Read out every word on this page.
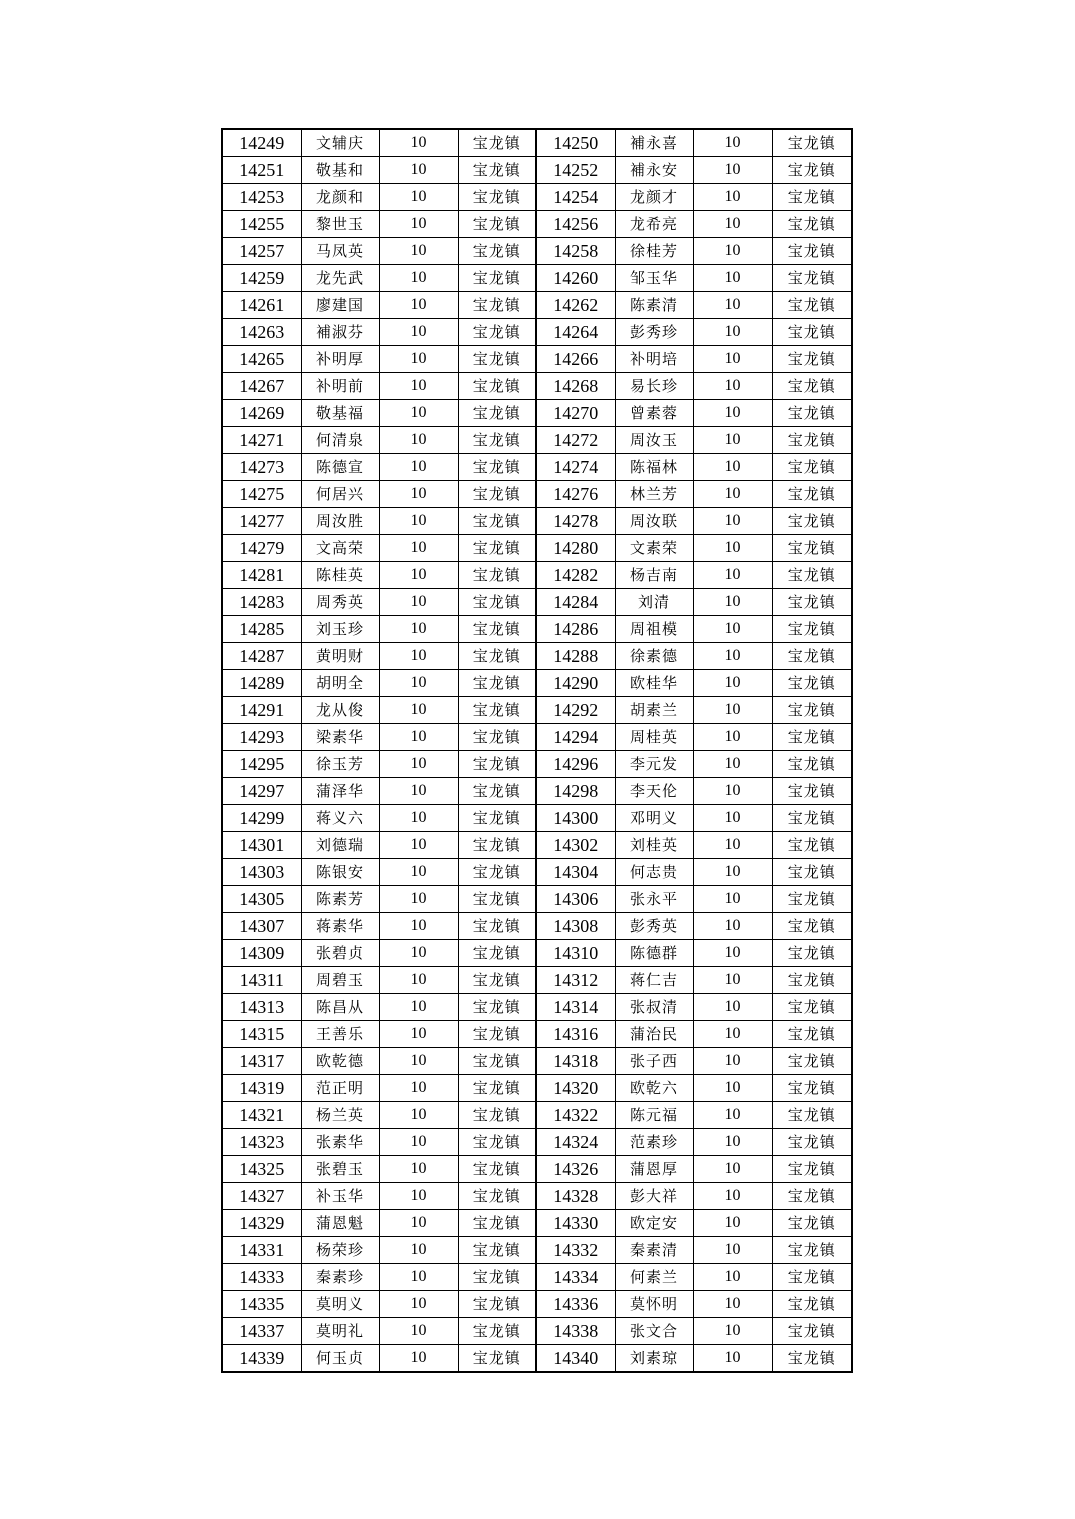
14249	文辅庆	10	宝龙镇	14250	補永喜	10	宝龙镇
14251	敬基和	10	宝龙镇	14252	補永安	10	宝龙镇
14253	龙颜和	10	宝龙镇	14254	龙颜才	10	宝龙镇
14255	黎世玉	10	宝龙镇	14256	龙希亮	10	宝龙镇
14257	马凤英	10	宝龙镇	14258	徐桂芳	10	宝龙镇
14259	龙先武	10	宝龙镇	14260	邹玉华	10	宝龙镇
14261	廖建国	10	宝龙镇	14262	陈素清	10	宝龙镇
14263	補淑芬	10	宝龙镇	14264	彭秀珍	10	宝龙镇
14265	补明厚	10	宝龙镇	14266	补明培	10	宝龙镇
14267	补明前	10	宝龙镇	14268	易长珍	10	宝龙镇
14269	敬基福	10	宝龙镇	14270	曾素蓉	10	宝龙镇
14271	何清泉	10	宝龙镇	14272	周汝玉	10	宝龙镇
14273	陈德宣	10	宝龙镇	14274	陈福林	10	宝龙镇
14275	何居兴	10	宝龙镇	14276	林兰芳	10	宝龙镇
14277	周汝胜	10	宝龙镇	14278	周汝联	10	宝龙镇
14279	文高荣	10	宝龙镇	14280	文素荣	10	宝龙镇
14281	陈桂英	10	宝龙镇	14282	杨吉南	10	宝龙镇
14283	周秀英	10	宝龙镇	14284	刘清	10	宝龙镇
14285	刘玉珍	10	宝龙镇	14286	周祖模	10	宝龙镇
14287	黄明财	10	宝龙镇	14288	徐素德	10	宝龙镇
14289	胡明全	10	宝龙镇	14290	欧桂华	10	宝龙镇
14291	龙从俊	10	宝龙镇	14292	胡素兰	10	宝龙镇
14293	梁素华	10	宝龙镇	14294	周桂英	10	宝龙镇
14295	徐玉芳	10	宝龙镇	14296	李元发	10	宝龙镇
14297	蒲泽华	10	宝龙镇	14298	李天伦	10	宝龙镇
14299	蒋义六	10	宝龙镇	14300	邓明义	10	宝龙镇
14301	刘德瑞	10	宝龙镇	14302	刘桂英	10	宝龙镇
14303	陈银安	10	宝龙镇	14304	何志贵	10	宝龙镇
14305	陈素芳	10	宝龙镇	14306	张永平	10	宝龙镇
14307	蒋素华	10	宝龙镇	14308	彭秀英	10	宝龙镇
14309	张碧贞	10	宝龙镇	14310	陈德群	10	宝龙镇
14311	周碧玉	10	宝龙镇	14312	蒋仁吉	10	宝龙镇
14313	陈昌从	10	宝龙镇	14314	张叔清	10	宝龙镇
14315	王善乐	10	宝龙镇	14316	蒲治民	10	宝龙镇
14317	欧乾德	10	宝龙镇	14318	张子西	10	宝龙镇
14319	范正明	10	宝龙镇	14320	欧乾六	10	宝龙镇
14321	杨兰英	10	宝龙镇	14322	陈元福	10	宝龙镇
14323	张素华	10	宝龙镇	14324	范素珍	10	宝龙镇
14325	张碧玉	10	宝龙镇	14326	蒲恩厚	10	宝龙镇
14327	补玉华	10	宝龙镇	14328	彭大祥	10	宝龙镇
14329	蒲恩魁	10	宝龙镇	14330	欧定安	10	宝龙镇
14331	杨荣珍	10	宝龙镇	14332	秦素清	10	宝龙镇
14333	秦素珍	10	宝龙镇	14334	何素兰	10	宝龙镇
14335	莫明义	10	宝龙镇	14336	莫怀明	10	宝龙镇
14337	莫明礼	10	宝龙镇	14338	张文合	10	宝龙镇
14339	何玉贞	10	宝龙镇	14340	刘素琼	10	宝龙镇
